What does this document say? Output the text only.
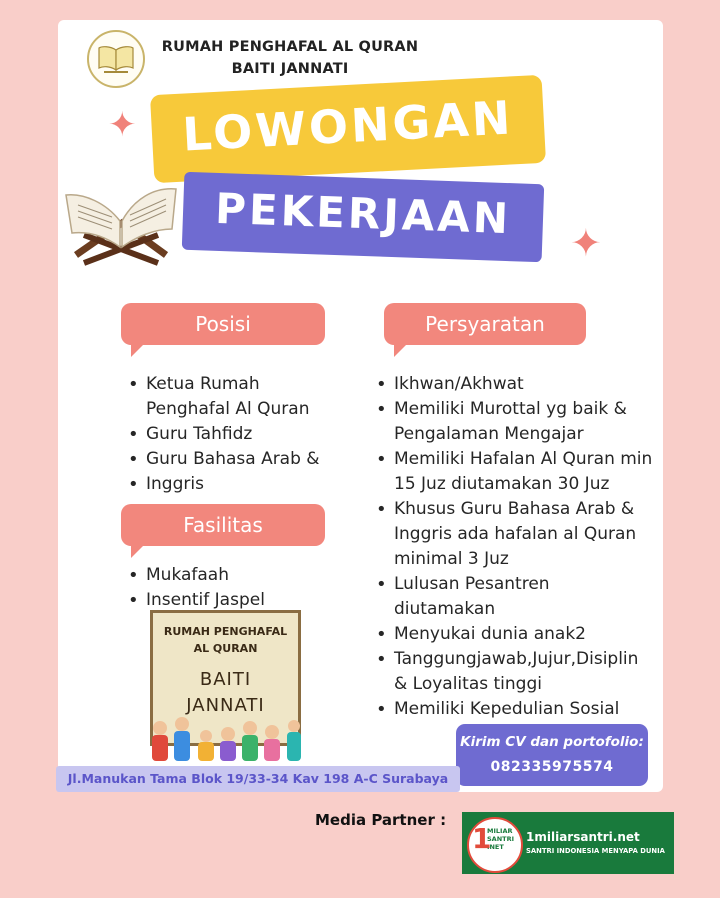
RUMAH PENGHAFAL AL QURAN
BAITI JANNATI
✦
✦
LOWONGAN
PEKERJAAN
Posisi
• Ketua Rumah
Penghafal Al Quran
• Guru Tahfidz
• Guru Bahasa Arab &
• Inggris
Fasilitas
• Mukafaah
• Insentif Jaspel
Persyaratan
• Ikhwan/Akhwat
• Memiliki Murottal yg baik &
Pengalaman Mengajar
• Memiliki Hafalan Al Quran min
15 Juz diutamakan 30 Juz
• Khusus Guru Bahasa Arab &
Inggris ada hafalan al Quran
minimal 3 Juz
• Lulusan Pesantren
diutamakan
• Menyukai dunia anak2
• Tanggungjawab,Jujur,Disiplin
& Loyalitas tinggi
• Memiliki Kepedulian Sosial
RUMAH PENGHAFAL
AL QURAN
BAITI
JANNATI
Kirim CV dan portofolio:
082335975574
Jl.Manukan Tama Blok 19/33-34 Kav 198 A-C Surabaya
Media Partner :
1
MILIAR
SANTRI
.NET
1miliarsantri.net
SANTRI INDONESIA MENYAPA DUNIA
